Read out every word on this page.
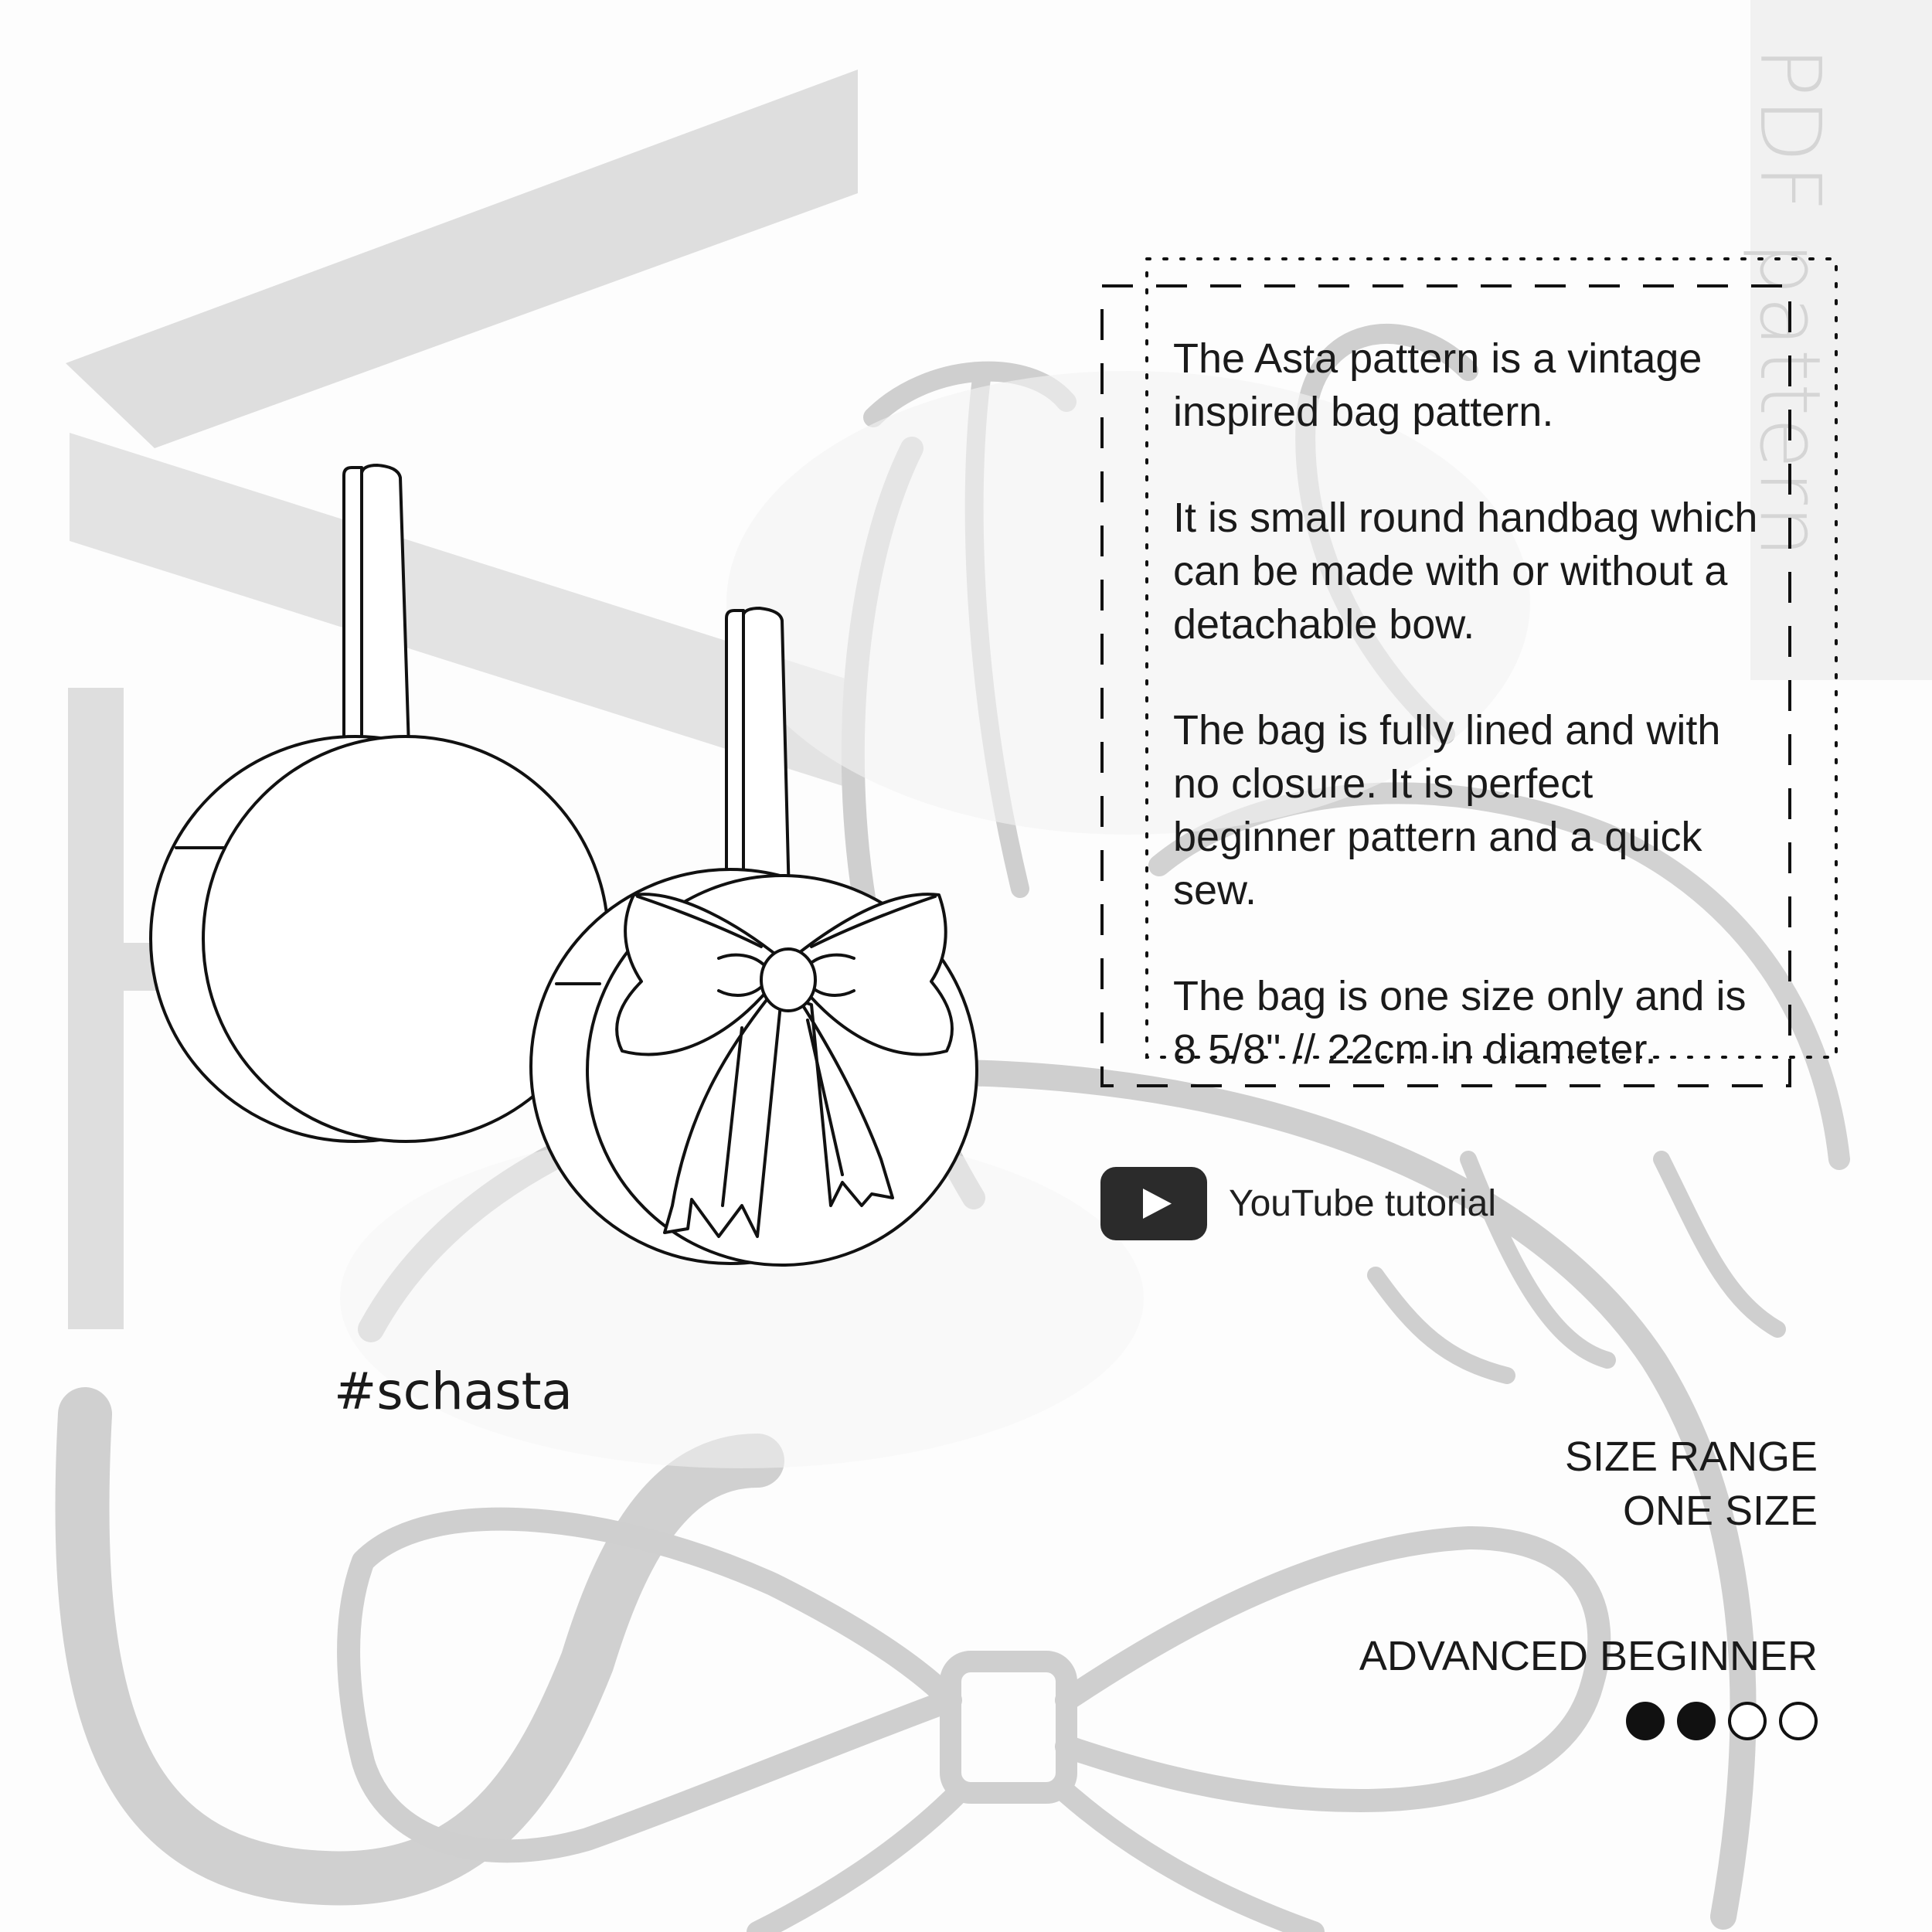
PDF pattern

The Asta pattern is a vintage inspired bag pattern.

It is small round handbag which can be made with or without a detachable bow.

The bag is fully lined and with no closure. It is perfect beginner pattern and a quick sew.

The bag is one size only and is 8 5/8" // 22cm in diameter.

YouTube tutorial
#schasta
SIZE RANGE
ONE SIZE
ADVANCED BEGINNER
